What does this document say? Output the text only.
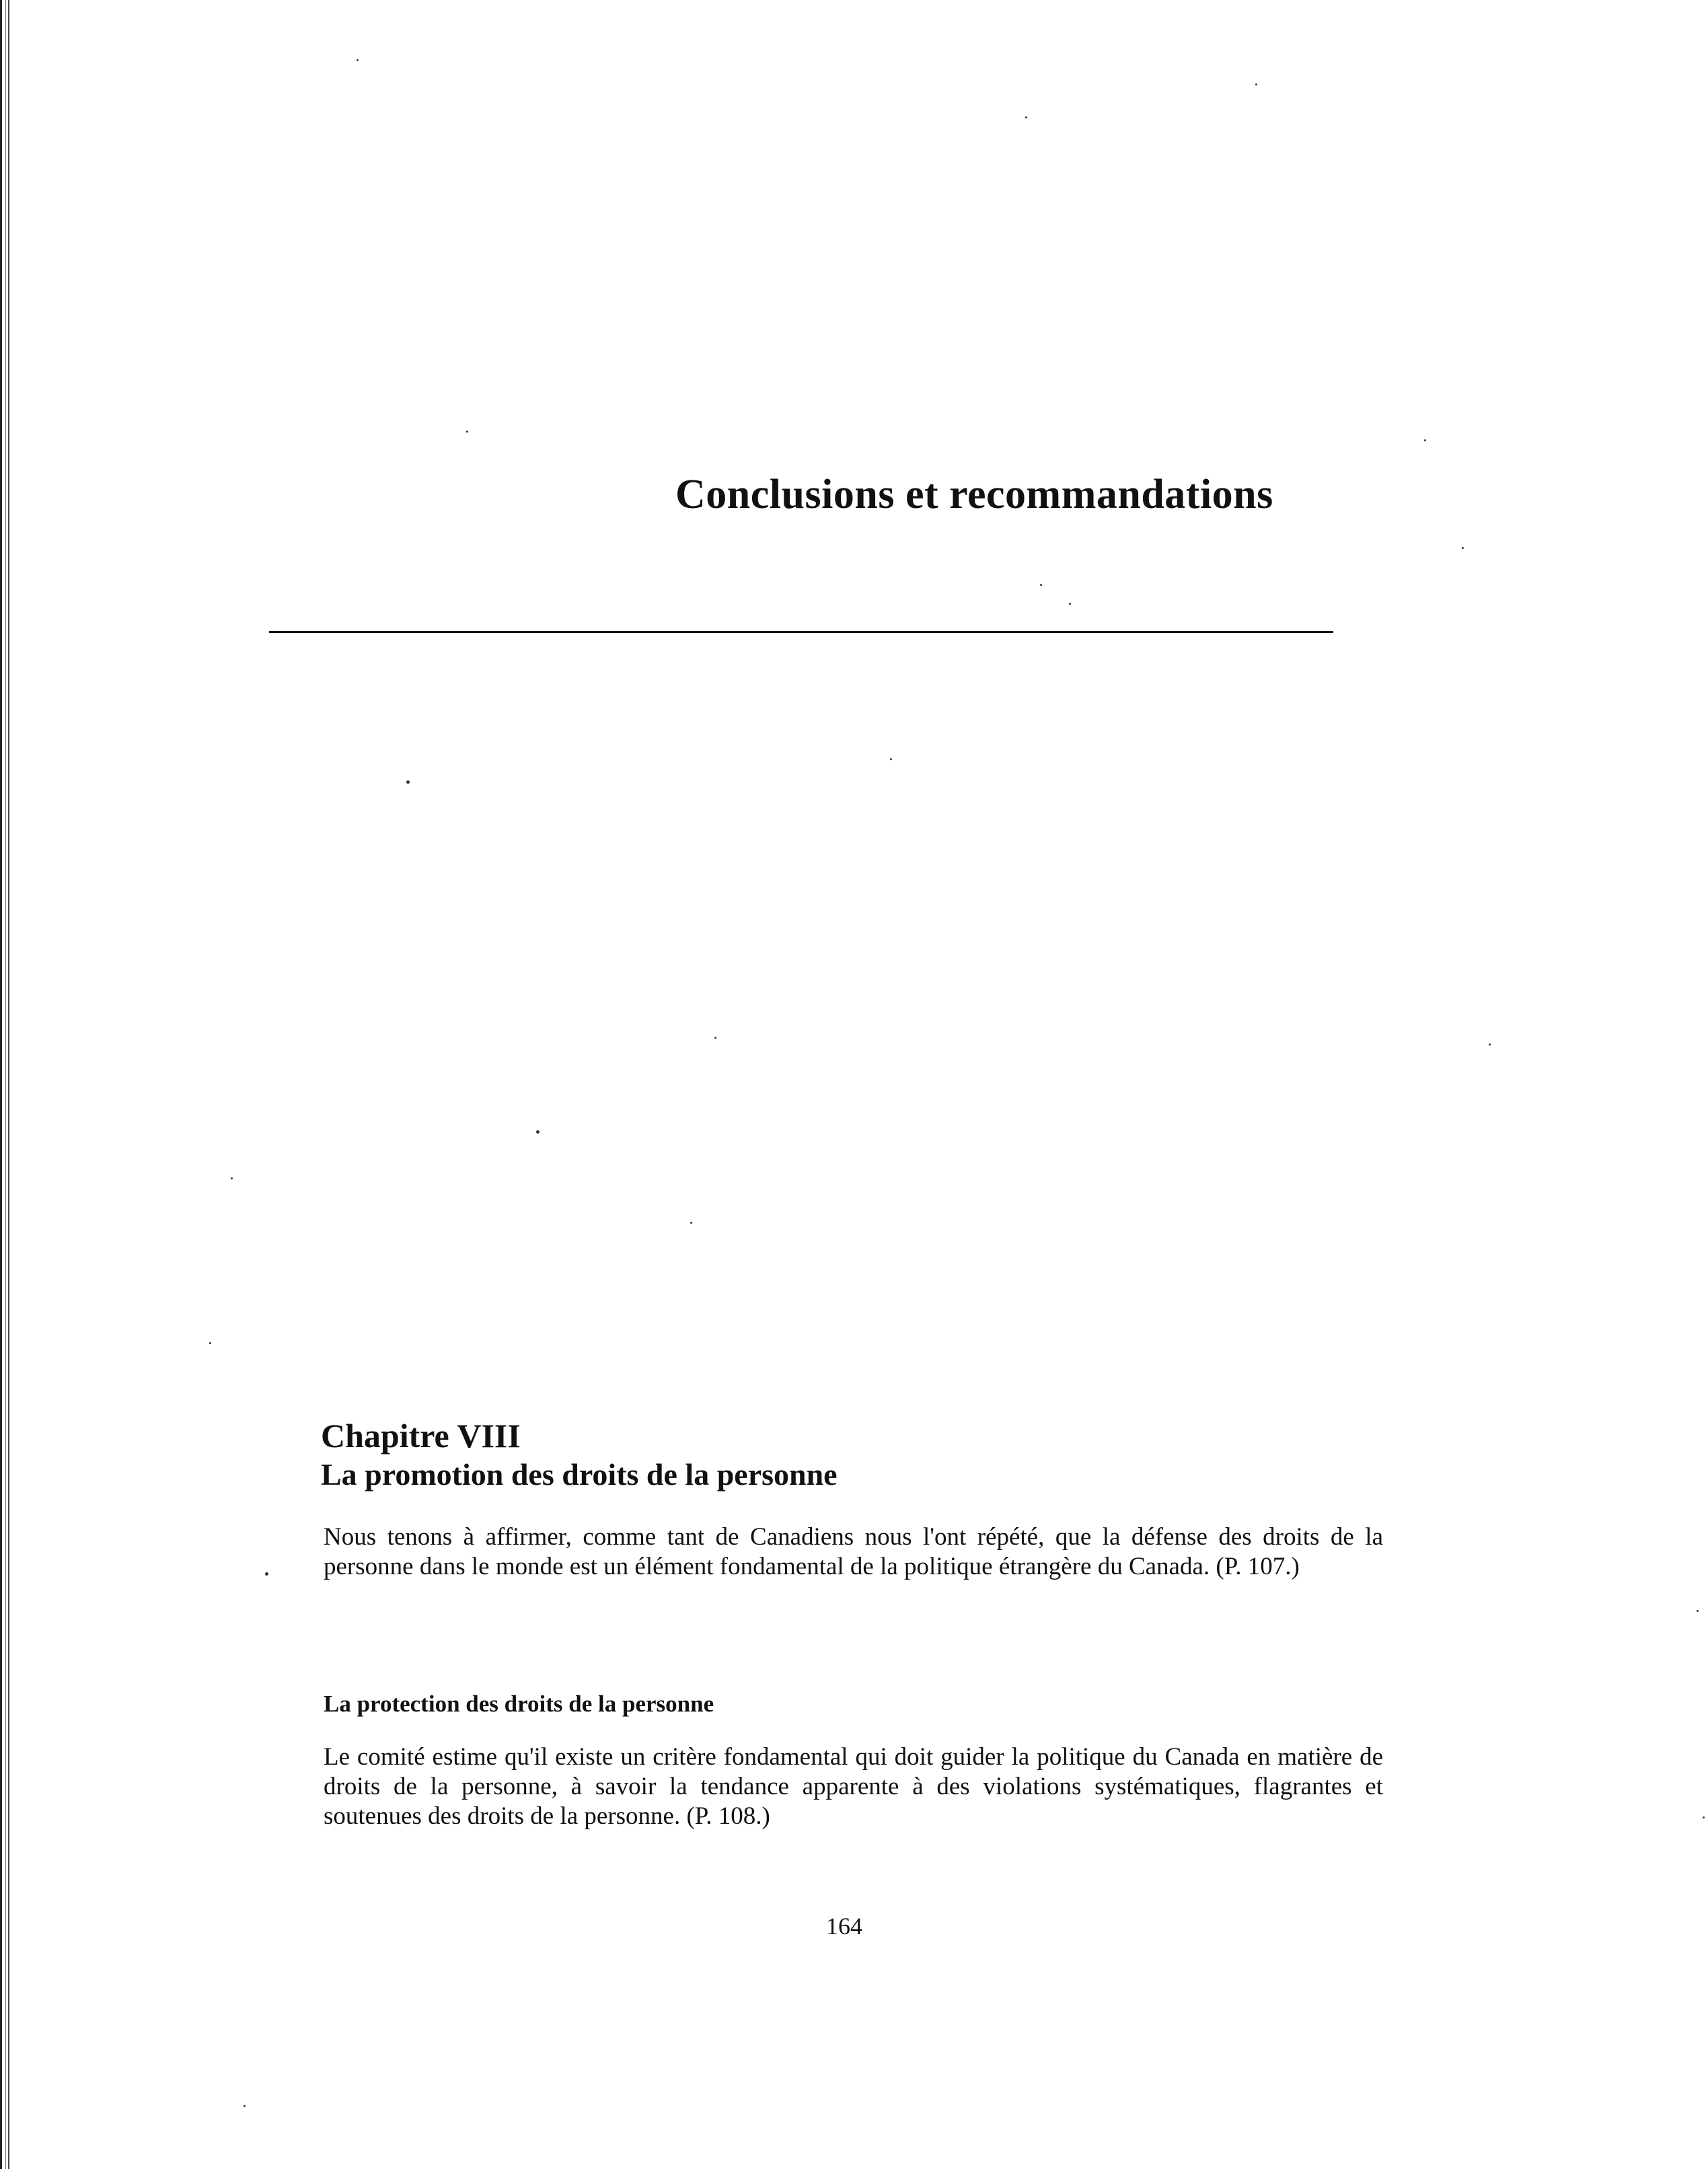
Conclusions et recommandations
Chapitre VIII
La promotion des droits de la personne

Nous tenons à affirmer, comme tant de Canadiens nous l'ont répété, que la défense des droits de la personne dans le monde est un élément fondamental de la politique étrangère du Canada. (P. 107.)

La protection des droits de la personne

Le comité estime qu'il existe un critère fondamental qui doit guider la politique du Canada en matière de droits de la personne, à savoir la tendance apparente à des violations systématiques, flagrantes et soutenues des droits de la personne. (P. 108.)

164
